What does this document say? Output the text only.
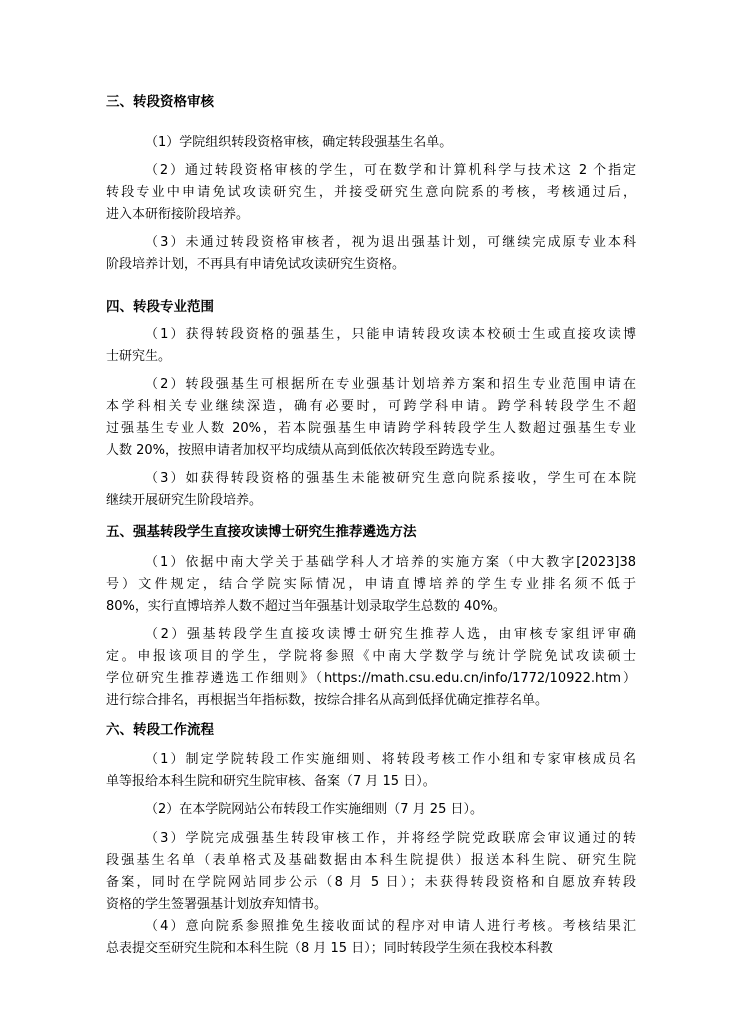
三、转段资格审核
（1）学院组织转段资格审核，确定转段强基生名单。
（2）通过转段资格审核的学生，可在数学和计算机科学与技术这 2 个指定
转段专业中申请免试攻读研究生，并接受研究生意向院系的考核，考核通过后，
进入本研衔接阶段培养。
（3）未通过转段资格审核者，视为退出强基计划，可继续完成原专业本科
阶段培养计划，不再具有申请免试攻读研究生资格。
四、转段专业范围
（1）获得转段资格的强基生，只能申请转段攻读本校硕士生或直接攻读博
士研究生。
（2）转段强基生可根据所在专业强基计划培养方案和招生专业范围申请在
本学科相关专业继续深造，确有必要时，可跨学科申请。跨学科转段学生不超
过强基生专业人数 20%，若本院强基生申请跨学科转段学生人数超过强基生专业
人数 20%，按照申请者加权平均成绩从高到低依次转段至跨选专业。
（3）如获得转段资格的强基生未能被研究生意向院系接收，学生可在本院
继续开展研究生阶段培养。
五、强基转段学生直接攻读博士研究生推荐遴选方法
（1）依据中南大学关于基础学科人才培养的实施方案（中大教字[2023]38
号）文件规定，结合学院实际情况，申请直博培养的学生专业排名须不低于
80%，实行直博培养人数不超过当年强基计划录取学生总数的 40%。
（2）强基转段学生直接攻读博士研究生推荐人选，由审核专家组评审确
定。申报该项目的学生，学院将参照《中南大学数学与统计学院免试攻读硕士
学位研究生推荐遴选工作细则》（https://math.csu.edu.cn/info/1772/10922.htm）
进行综合排名，再根据当年指标数，按综合排名从高到低择优确定推荐名单。
六、转段工作流程
（1）制定学院转段工作实施细则、将转段考核工作小组和专家审核成员名
单等报给本科生院和研究生院审核、备案（7 月 15 日）。
（2）在本学院网站公布转段工作实施细则（7 月 25 日）。
（3）学院完成强基生转段审核工作，并将经学院党政联席会审议通过的转
段强基生名单（表单格式及基础数据由本科生院提供）报送本科生院、研究生院
备案，同时在学院网站同步公示（8 月 5 日）；未获得转段资格和自愿放弃转段
资格的学生签署强基计划放弃知情书。
（4）意向院系参照推免生接收面试的程序对申请人进行考核。考核结果汇
总表提交至研究生院和本科生院（8 月 15 日）；同时转段学生须在我校本科教
